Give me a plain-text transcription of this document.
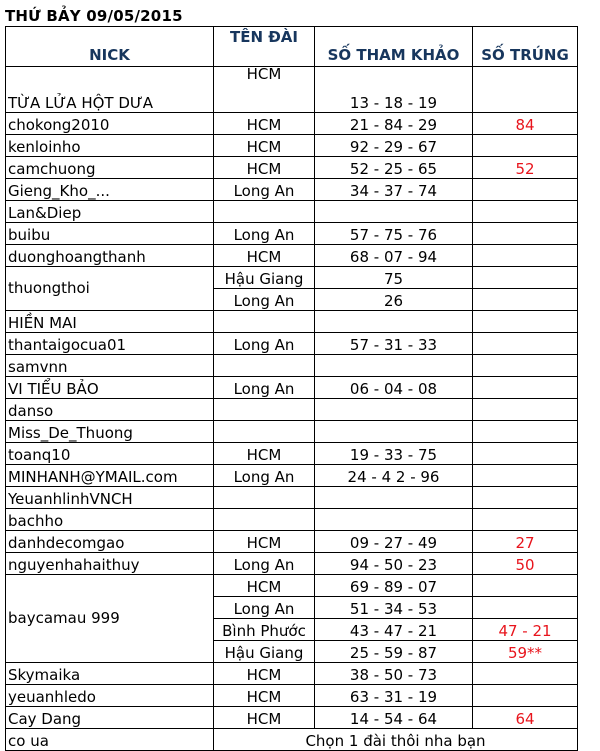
THỨ BẢY 09/05/2015
NICK	TÊN ĐÀI	SỐ THAM KHẢO	SỐ TRÚNG
TỪA LỬA HỘT DƯA	HCM	13 - 18 - 19	
chokong2010	HCM	21 - 84 - 29	84
kenloinho	HCM	92 - 29 - 67	
camchuong	HCM	52 - 25 - 65	52
Gieng_Kho_...	Long An	34 - 37 - 74	
Lan&Diep			
buibu	Long An	57 - 75 - 76	
duonghoangthanh	HCM	68 - 07 - 94	
thuongthoi	Hậu Giang	75	
	Long An	26	
HIỀN MAI			
thantaigocua01	Long An	57 - 31 - 33	
samvnn			
VI TIỂU BẢO	Long An	06 - 04 - 08	
danso			
Miss_De_Thuong			
toanq10	HCM	19 - 33 - 75	
MINHANH@YMAIL.com	Long An	24 - 4 2 - 96	
YeuanhlinhVNCH			
bachho			
danhdecomgao	HCM	09 - 27 - 49	27
nguyenhahaithuy	Long An	94 - 50 - 23	50
baycamau 999	HCM	69 - 89 - 07	
	Long An	51 - 34 - 53	
	Bình Phước	43 - 47 - 21	47 - 21
	Hậu Giang	25 - 59 - 87	59**
Skymaika	HCM	38 - 50 - 73	
yeuanhledo	HCM	63 - 31 - 19	
Cay Dang	HCM	14 - 54 - 64	64
co ua	Chọn 1 đài thôi nha bạn		
